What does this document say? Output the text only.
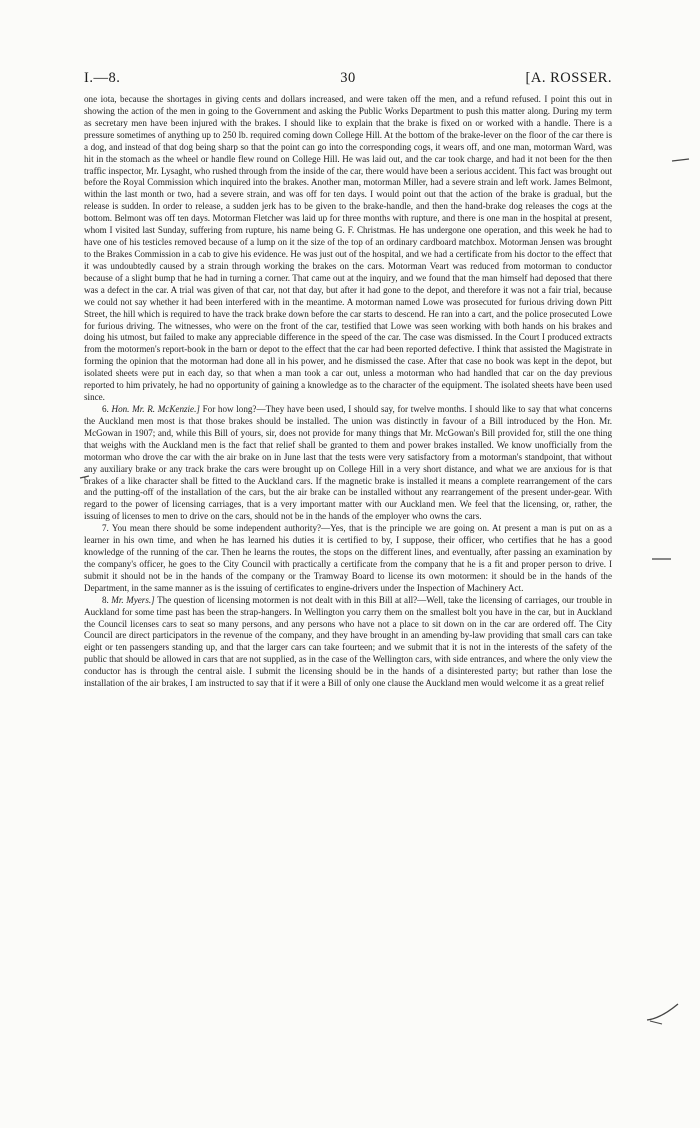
I.—8.	30	[A. ROSSER.

one iota, because the shortages in giving cents and dollars increased, and were taken off the men, and a refund refused. I point this out in showing the action of the men in going to the Government and asking the Public Works Department to push this matter along. During my term as secretary men have been injured with the brakes. I should like to explain that the brake is fixed on or worked with a handle. There is a pressure sometimes of anything up to 250 lb. required coming down College Hill. At the bottom of the brake-lever on the floor of the car there is a dog, and instead of that dog being sharp so that the point can go into the corresponding cogs, it wears off, and one man, motorman Ward, was hit in the stomach as the wheel or handle flew round on College Hill. He was laid out, and the car took charge, and had it not been for the then traffic inspector, Mr. Lysaght, who rushed through from the inside of the car, there would have been a serious accident. This fact was brought out before the Royal Commission which inquired into the brakes. Another man, motorman Miller, had a severe strain and left work. James Belmont, within the last month or two, had a severe strain, and was off for ten days. I would point out that the action of the brake is gradual, but the release is sudden. In order to release, a sudden jerk has to be given to the brake-handle, and then the hand-brake dog releases the cogs at the bottom. Belmont was off ten days. Motorman Fletcher was laid up for three months with rupture, and there is one man in the hospital at present, whom I visited last Sunday, suffering from rupture, his name being G. F. Christmas. He has undergone one operation, and this week he had to have one of his testicles removed because of a lump on it the size of the top of an ordinary cardboard matchbox. Motorman Jensen was brought to the Brakes Commission in a cab to give his evidence. He was just out of the hospital, and we had a certificate from his doctor to the effect that it was undoubtedly caused by a strain through working the brakes on the cars. Motorman Veart was reduced from motorman to conductor because of a slight bump that he had in turning a corner. That came out at the inquiry, and we found that the man himself had deposed that there was a defect in the car. A trial was given of that car, not that day, but after it had gone to the depot, and therefore it was not a fair trial, because we could not say whether it had been interfered with in the meantime. A motorman named Lowe was prosecuted for furious driving down Pitt Street, the hill which is required to have the track brake down before the car starts to descend. He ran into a cart, and the police prosecuted Lowe for furious driving. The witnesses, who were on the front of the car, testified that Lowe was seen working with both hands on his brakes and doing his utmost, but failed to make any appreciable difference in the speed of the car. The case was dismissed. In the Court I produced extracts from the motormen's report-book in the barn or depot to the effect that the car had been reported defective. I think that assisted the Magistrate in forming the opinion that the motorman had done all in his power, and he dismissed the case. After that case no book was kept in the depot, but isolated sheets were put in each day, so that when a man took a car out, unless a motorman who had handled that car on the day previous reported to him privately, he had no opportunity of gaining a knowledge as to the character of the equipment. The isolated sheets have been used since.

6. Hon. Mr. R. McKenzie.] For how long?—They have been used, I should say, for twelve months. I should like to say that what concerns the Auckland men most is that those brakes should be installed. The union was distinctly in favour of a Bill introduced by the Hon. Mr. McGowan in 1907; and, while this Bill of yours, sir, does not provide for many things that Mr. McGowan's Bill provided for, still the one thing that weighs with the Auckland men is the fact that relief shall be granted to them and power brakes installed. We know unofficially from the motorman who drove the car with the air brake on in June last that the tests were very satisfactory from a motorman's standpoint, that without any auxiliary brake or any track brake the cars were brought up on College Hill in a very short distance, and what we are anxious for is that brakes of a like character shall be fitted to the Auckland cars. If the magnetic brake is installed it means a complete rearrangement of the cars and the putting-off of the installation of the cars, but the air brake can be installed without any rearrangement of the present under-gear. With regard to the power of licensing carriages, that is a very important matter with our Auckland men. We feel that the licensing, or, rather, the issuing of licenses to men to drive on the cars, should not be in the hands of the employer who owns the cars.

7. You mean there should be some independent authority?—Yes, that is the principle we are going on. At present a man is put on as a learner in his own time, and when he has learned his duties it is certified to by, I suppose, their officer, who certifies that he has a good knowledge of the running of the car. Then he learns the routes, the stops on the different lines, and eventually, after passing an examination by the company's officer, he goes to the City Council with practically a certificate from the company that he is a fit and proper person to drive. I submit it should not be in the hands of the company or the Tramway Board to license its own motormen: it should be in the hands of the Department, in the same manner as is the issuing of certificates to engine-drivers under the Inspection of Machinery Act.

8. Mr. Myers.] The question of licensing motormen is not dealt with in this Bill at all?—Well, take the licensing of carriages, our trouble in Auckland for some time past has been the strap-hangers. In Wellington you carry them on the smallest bolt you have in the car, but in Auckland the Council licenses cars to seat so many persons, and any persons who have not a place to sit down on in the car are ordered off. The City Council are direct participators in the revenue of the company, and they have brought in an amending by-law providing that small cars can take eight or ten passengers standing up, and that the larger cars can take fourteen; and we submit that it is not in the interests of the safety of the public that should be allowed in cars that are not supplied, as in the case of the Wellington cars, with side entrances, and where the only view the conductor has is through the central aisle. I submit the licensing should be in the hands of a disinterested party; but rather than lose the installation of the air brakes, I am instructed to say that if it were a Bill of only one clause the Auckland men would welcome it as a great relief
